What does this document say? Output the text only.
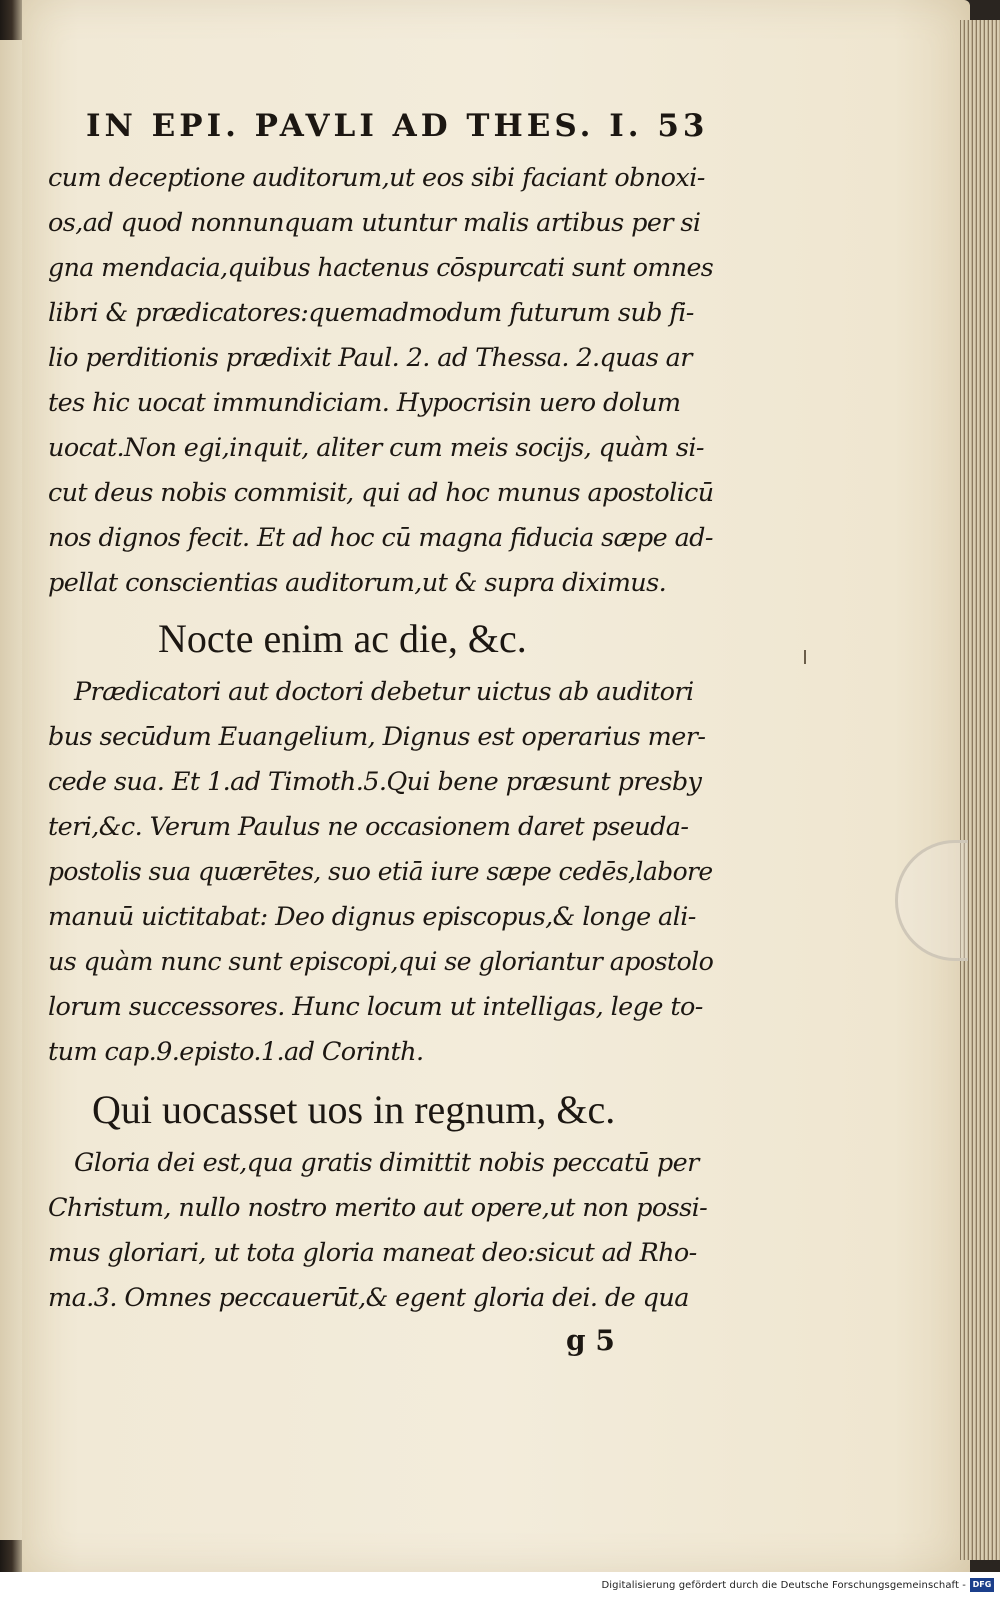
IN EPI. PAVLI AD THES. I. 53
cum deceptione auditorum,ut eos sibi faciant obnoxi-
os,ad quod nonnunquam utuntur malis artibus per si
gna mendacia,quibus hactenus cōspurcati sunt omnes
libri & prædicatores:quemadmodum futurum sub fi-
lio perditionis prædixit Paul. 2. ad Thessa. 2.quas ar
tes hic uocat immundiciam. Hypocrisin uero dolum
uocat.Non egi,inquit, aliter cum meis socijs, quàm si-
cut deus nobis commisit, qui ad hoc munus apostolicū
nos dignos fecit. Et ad hoc cū magna fiducia sæpe ad-
pellat conscientias auditorum,ut & supra diximus.
Nocte enim ac die, &c.
Prædicatori aut doctori debetur uictus ab auditori
bus secūdum Euangelium, Dignus est operarius mer-
cede sua. Et 1.ad Timoth.5.Qui bene præsunt presby
teri,&c. Verum Paulus ne occasionem daret pseuda-
postolis sua quærētes, suo etiā iure sæpe cedēs,labore
manuū uictitabat: Deo dignus episcopus,& longe ali-
us quàm nunc sunt episcopi,qui se gloriantur apostolo
lorum successores. Hunc locum ut intelligas, lege to-
tum cap.9.episto.1.ad Corinth.
Qui uocasset uos in regnum, &c.
Gloria dei est,qua gratis dimittit nobis peccatū per
Christum, nullo nostro merito aut opere,ut non possi-
mus gloriari, ut tota gloria maneat deo:sicut ad Rho-
ma.3. Omnes peccauerūt,& egent gloria dei. de qua
g 5
Digitalisierung gefördert durch die Deutsche Forschungsgemeinschaft - DFG
